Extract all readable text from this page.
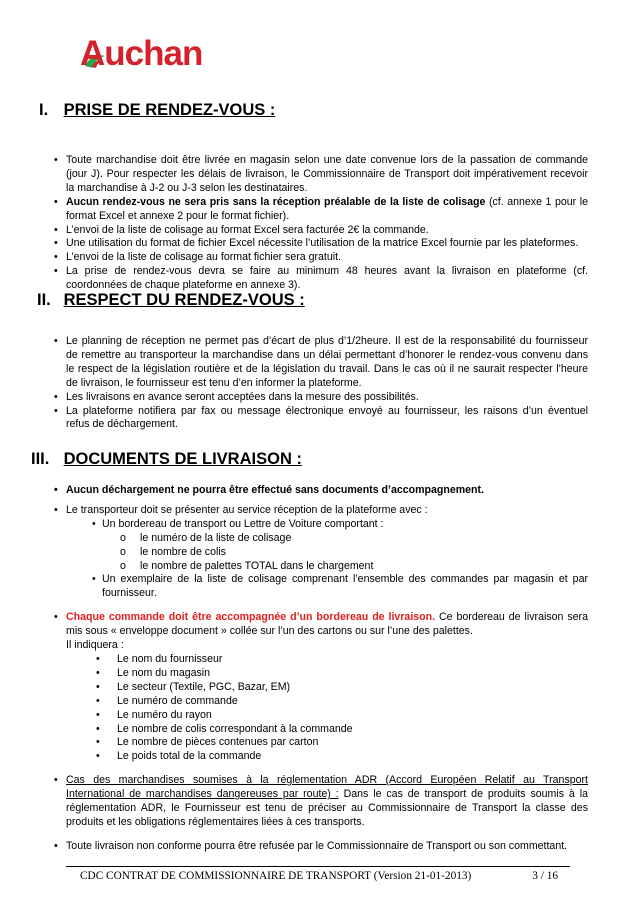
Auchan
I. PRISE DE RENDEZ-VOUS :
• Toute marchandise doit être livrée en magasin selon une date convenue lors de la passation de commande
(jour J). Pour respecter les délais de livraison, le Commissionnaire de Transport doit impérativement recevoir
la marchandise à J-2 ou J-3 selon les destinataires.
• Aucun rendez-vous ne sera pris sans la réception préalable de la liste de colisage (cf. annexe 1 pour le
format Excel et annexe 2 pour le format fichier).
• L’envoi de la liste de colisage au format Excel sera facturée 2€ la commande.
• Une utilisation du format de fichier Excel nécessite l’utilisation de la matrice Excel fournie par les plateformes.
• L’envoi de la liste de colisage au format fichier sera gratuit.
• La prise de rendez-vous devra se faire au minimum 48 heures avant la livraison en plateforme (cf.
coordonnées de chaque plateforme en annexe 3).
II. RESPECT DU RENDEZ-VOUS :
• Le planning de réception ne permet pas d’écart de plus d’1/2heure. Il est de la responsabilité du fournisseur
de remettre au transporteur la marchandise dans un délai permettant d’honorer le rendez-vous convenu dans
le respect de la législation routière et de la législation du travail. Dans le cas où il ne saurait respecter l’heure
de livraison, le fournisseur est tenu d’en informer la plateforme.
• Les livraisons en avance seront acceptées dans la mesure des possibilités.
• La plateforme notifiera par fax ou message électronique envoyé au fournisseur, les raisons d’un éventuel
refus de déchargement.
III. DOCUMENTS DE LIVRAISON :
• Aucun déchargement ne pourra être effectué sans documents d’accompagnement.
• Le transporteur doit se présenter au service réception de la plateforme avec :
• Un bordereau de transport ou Lettre de Voiture comportant :
o le numéro de la liste de colisage
o le nombre de colis
o le nombre de palettes TOTAL dans le chargement
• Un exemplaire de la liste de colisage comprenant l’ensemble des commandes par magasin et par
fournisseur.
• Chaque commande doit être accompagnée d’un bordereau de livraison. Ce bordereau de livraison sera
mis sous « enveloppe document » collée sur l’un des cartons ou sur l’une des palettes.
Il indiquera :
• Le nom du fournisseur
• Le nom du magasin
• Le secteur (Textile, PGC, Bazar, EM)
• Le numéro de commande
• Le numéro du rayon
• Le nombre de colis correspondant à la commande
• Le nombre de pièces contenues par carton
• Le poids total de la commande
• Cas des marchandises soumises à la réglementation ADR (Accord Européen Relatif au Transport
International de marchandises dangereuses par route) : Dans le cas de transport de produits soumis à la
réglementation ADR, le Fournisseur est tenu de préciser au Commissionnaire de Transport la classe des
produits et les obligations réglementaires liées à ces transports.
• Toute livraison non conforme pourra être refusée par le Commissionnaire de Transport ou son commettant.
CDC CONTRAT DE COMMISSIONNAIRE DE TRANSPORT (Version 21-01-2013)	3 / 16
